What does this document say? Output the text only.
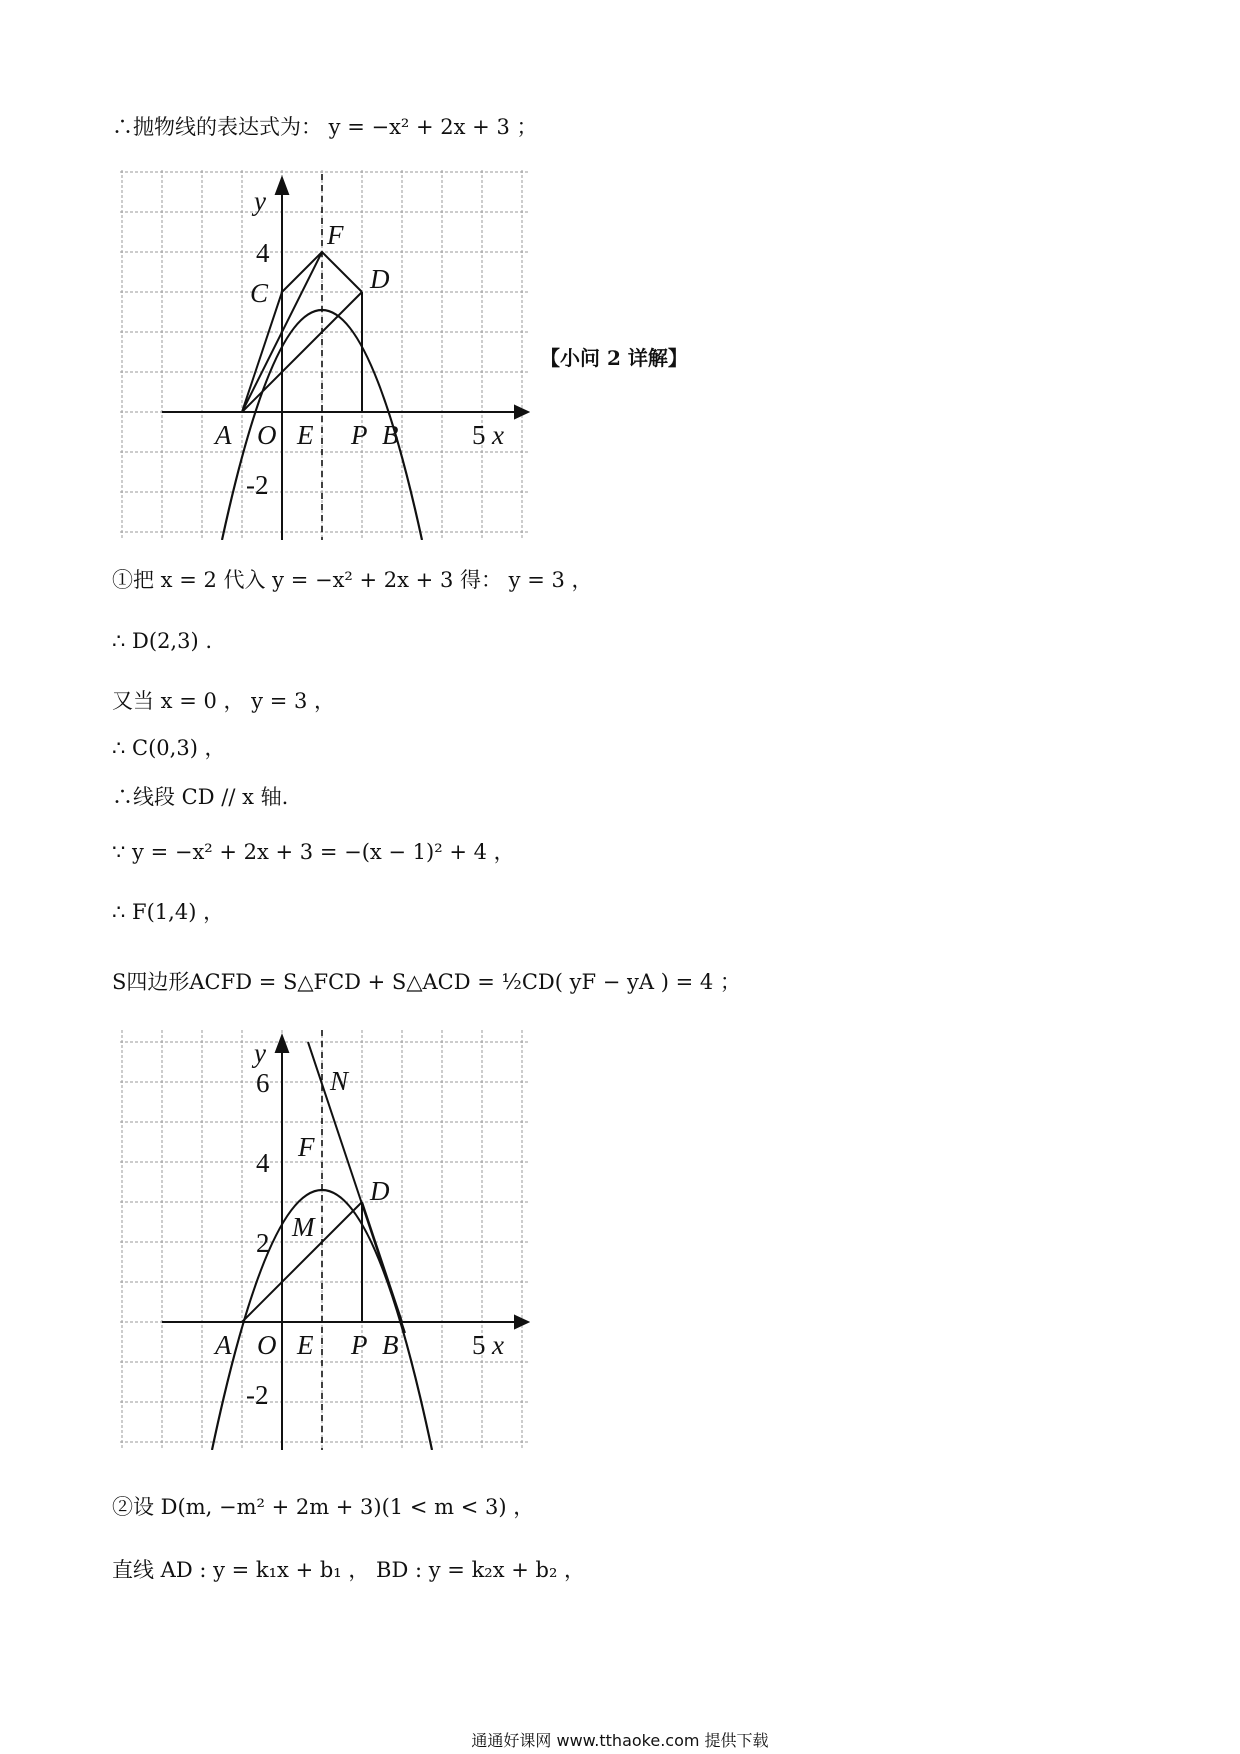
∴抛物线的表达式为： y = −x² + 2x + 3 ；
y
4
F
C	D
A O E P B	5 x
-2
【小问 2 详解】
①把 x = 2 代入 y = −x² + 2x + 3 得： y = 3 ，
∴ D(2,3) .
又当 x = 0 ， y = 3 ，
∴ C(0,3) ，
∴线段 CD // x 轴.
∵ y = −x² + 2x + 3 = −(x − 1)² + 4 ，
∴ F(1,4) ，
S四边形ACFD = S△FCD + S△ACD = ½CD( yF − yA ) = 4 ；
y
6 N
4
F
D
2
M
A O E P B	5 x
-2
②设 D(m, −m² + 2m + 3)(1 < m < 3) ，
直线 AD : y = k₁x + b₁ ， BD : y = k₂x + b₂ ，
通通好课网 www.tthaoke.com 提供下载
